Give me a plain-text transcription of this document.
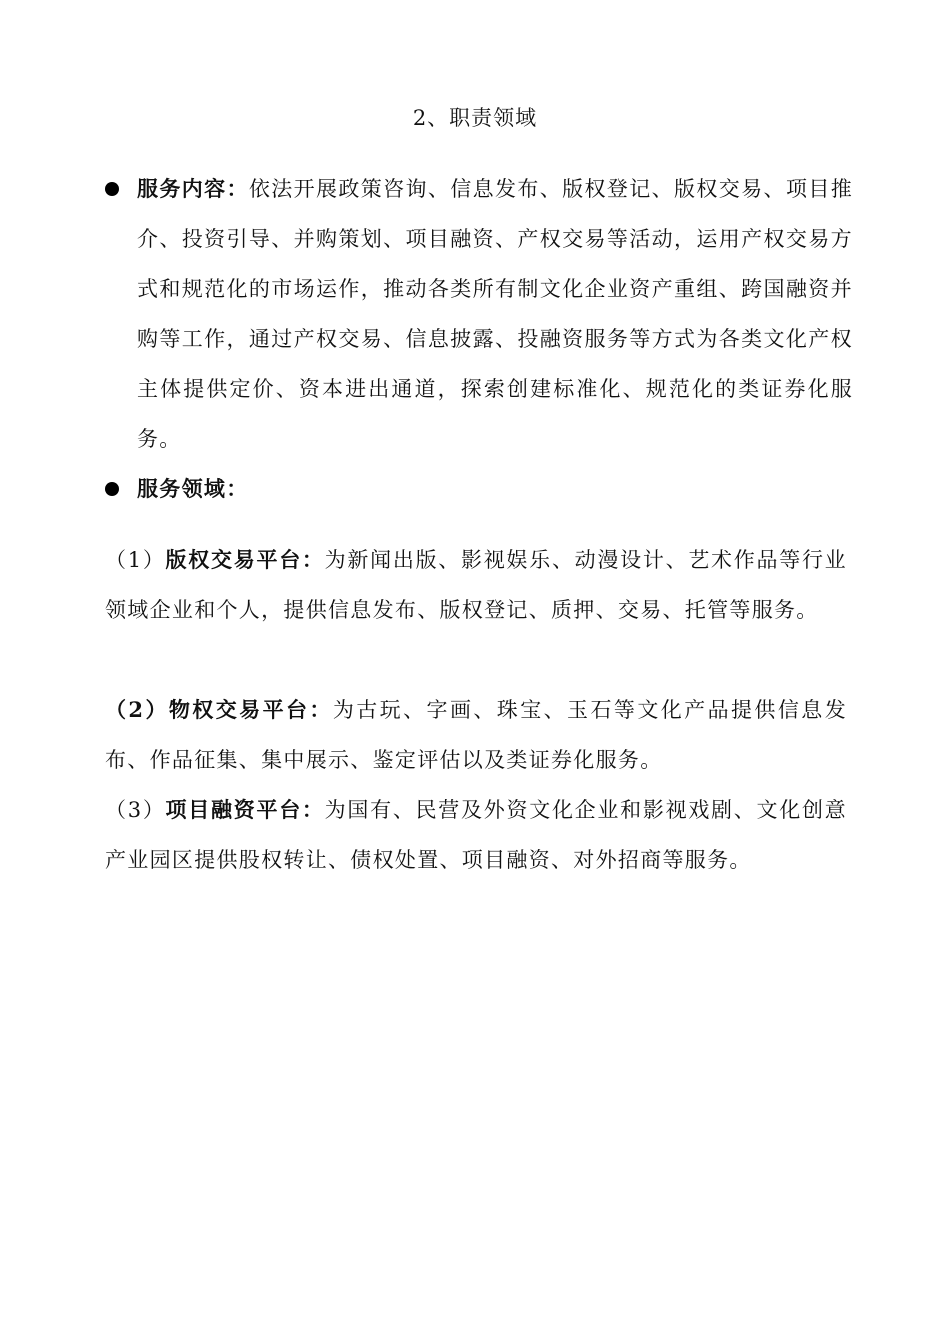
2、职责领域
服务内容：依法开展政策咨询、信息发布、版权登记、版权交易、项目推介、投资引导、并购策划、项目融资、产权交易等活动，运用产权交易方式和规范化的市场运作，推动各类所有制文化企业资产重组、跨国融资并购等工作，通过产权交易、信息披露、投融资服务等方式为各类文化产权主体提供定价、资本进出通道，探索创建标准化、规范化的类证券化服务。
服务领域：
（1）版权交易平台：为新闻出版、影视娱乐、动漫设计、艺术作品等行业领域企业和个人，提供信息发布、版权登记、质押、交易、托管等服务。
（2）物权交易平台：为古玩、字画、珠宝、玉石等文化产品提供信息发布、作品征集、集中展示、鉴定评估以及类证券化服务。
（3）项目融资平台：为国有、民营及外资文化企业和影视戏剧、文化创意产业园区提供股权转让、债权处置、项目融资、对外招商等服务。
